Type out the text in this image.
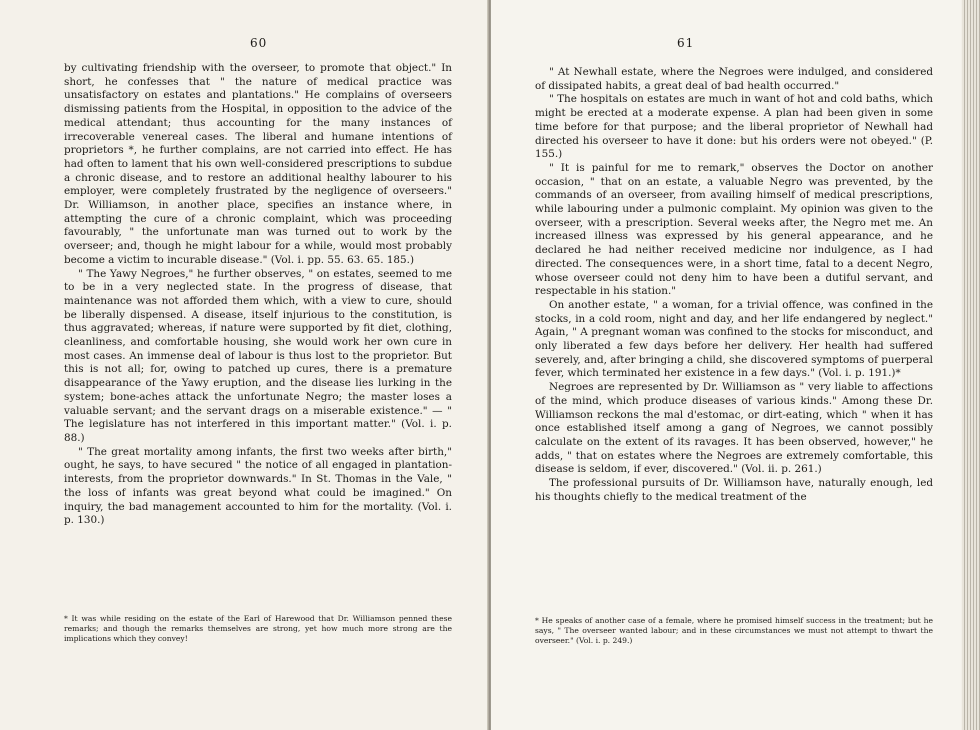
60

by cultivating friendship with the overseer, to promote that object." In short, he confesses that " the nature of medical practice was unsatisfactory on estates and plantations." He complains of overseers dismissing patients from the Hospital, in opposition to the advice of the medical attendant; thus accounting for the many instances of irrecoverable venereal cases. The liberal and humane intentions of proprietors *, he further complains, are not carried into effect. He has had often to lament that his own well-considered prescriptions to subdue a chronic disease, and to restore an additional healthy labourer to his employer, were completely frustrated by the negligence of overseers." Dr. Williamson, in another place, specifies an instance where, in attempting the cure of a chronic complaint, which was proceeding favourably, " the unfortunate man was turned out to work by the overseer; and, though he might labour for a while, would most probably become a victim to incurable disease." (Vol. i. pp. 55. 63. 65. 185.)

" The Yawy Negroes," he further observes, " on estates, seemed to me to be in a very neglected state. In the progress of disease, that maintenance was not afforded them which, with a view to cure, should be liberally dispensed. A disease, itself injurious to the constitution, is thus aggravated; whereas, if nature were supported by fit diet, clothing, cleanliness, and comfortable housing, she would work her own cure in most cases. An immense deal of labour is thus lost to the proprietor. But this is not all; for, owing to patched up cures, there is a premature disappearance of the Yawy eruption, and the disease lies lurking in the system; bone-aches attack the unfortunate Negro; the master loses a valuable servant; and the servant drags on a miserable existence." — " The legislature has not interfered in this important matter." (Vol. i. p. 88.)

" The great mortality among infants, the first two weeks after birth," ought, he says, to have secured " the notice of all engaged in plantation-interests, from the proprietor downwards." In St. Thomas in the Vale, " the loss of infants was great beyond what could be imagined." On inquiry, the bad management accounted to him for the mortality. (Vol. i. p. 130.)

* It was while residing on the estate of the Earl of Harewood that Dr. Williamson penned these remarks; and though the remarks themselves are strong, yet how much more strong are the implications which they convey!
61

" At Newhall estate, where the Negroes were indulged, and considered of dissipated habits, a great deal of bad health occurred."

" The hospitals on estates are much in want of hot and cold baths, which might be erected at a moderate expense. A plan had been given in some time before for that purpose; and the liberal proprietor of Newhall had directed his overseer to have it done: but his orders were not obeyed." (P. 155.)

" It is painful for me to remark," observes the Doctor on another occasion, " that on an estate, a valuable Negro was prevented, by the commands of an overseer, from availing himself of medical prescriptions, while labouring under a pulmonic complaint. My opinion was given to the overseer, with a prescription. Several weeks after, the Negro met me. An increased illness was expressed by his general appearance, and he declared he had neither received medicine nor indulgence, as I had directed. The consequences were, in a short time, fatal to a decent Negro, whose overseer could not deny him to have been a dutiful servant, and respectable in his station."

On another estate, " a woman, for a trivial offence, was confined in the stocks, in a cold room, night and day, and her life endangered by neglect." Again, " A pregnant woman was confined to the stocks for misconduct, and only liberated a few days before her delivery. Her health had suffered severely, and, after bringing a child, she discovered symptoms of puerperal fever, which terminated her existence in a few days." (Vol. i. p. 191.)*

Negroes are represented by Dr. Williamson as " very liable to affections of the mind, which produce diseases of various kinds." Among these Dr. Williamson reckons the mal d'estomac, or dirt-eating, which " when it has once established itself among a gang of Negroes, we cannot possibly calculate on the extent of its ravages. It has been observed, however," he adds, " that on estates where the Negroes are extremely comfortable, this disease is seldom, if ever, discovered." (Vol. ii. p. 261.)

The professional pursuits of Dr. Williamson have, naturally enough, led his thoughts chiefly to the medical treatment of the

* He speaks of another case of a female, where he promised himself success in the treatment; but he says, " The overseer wanted labour; and in these circumstances we must not attempt to thwart the overseer." (Vol. i. p. 249.)
